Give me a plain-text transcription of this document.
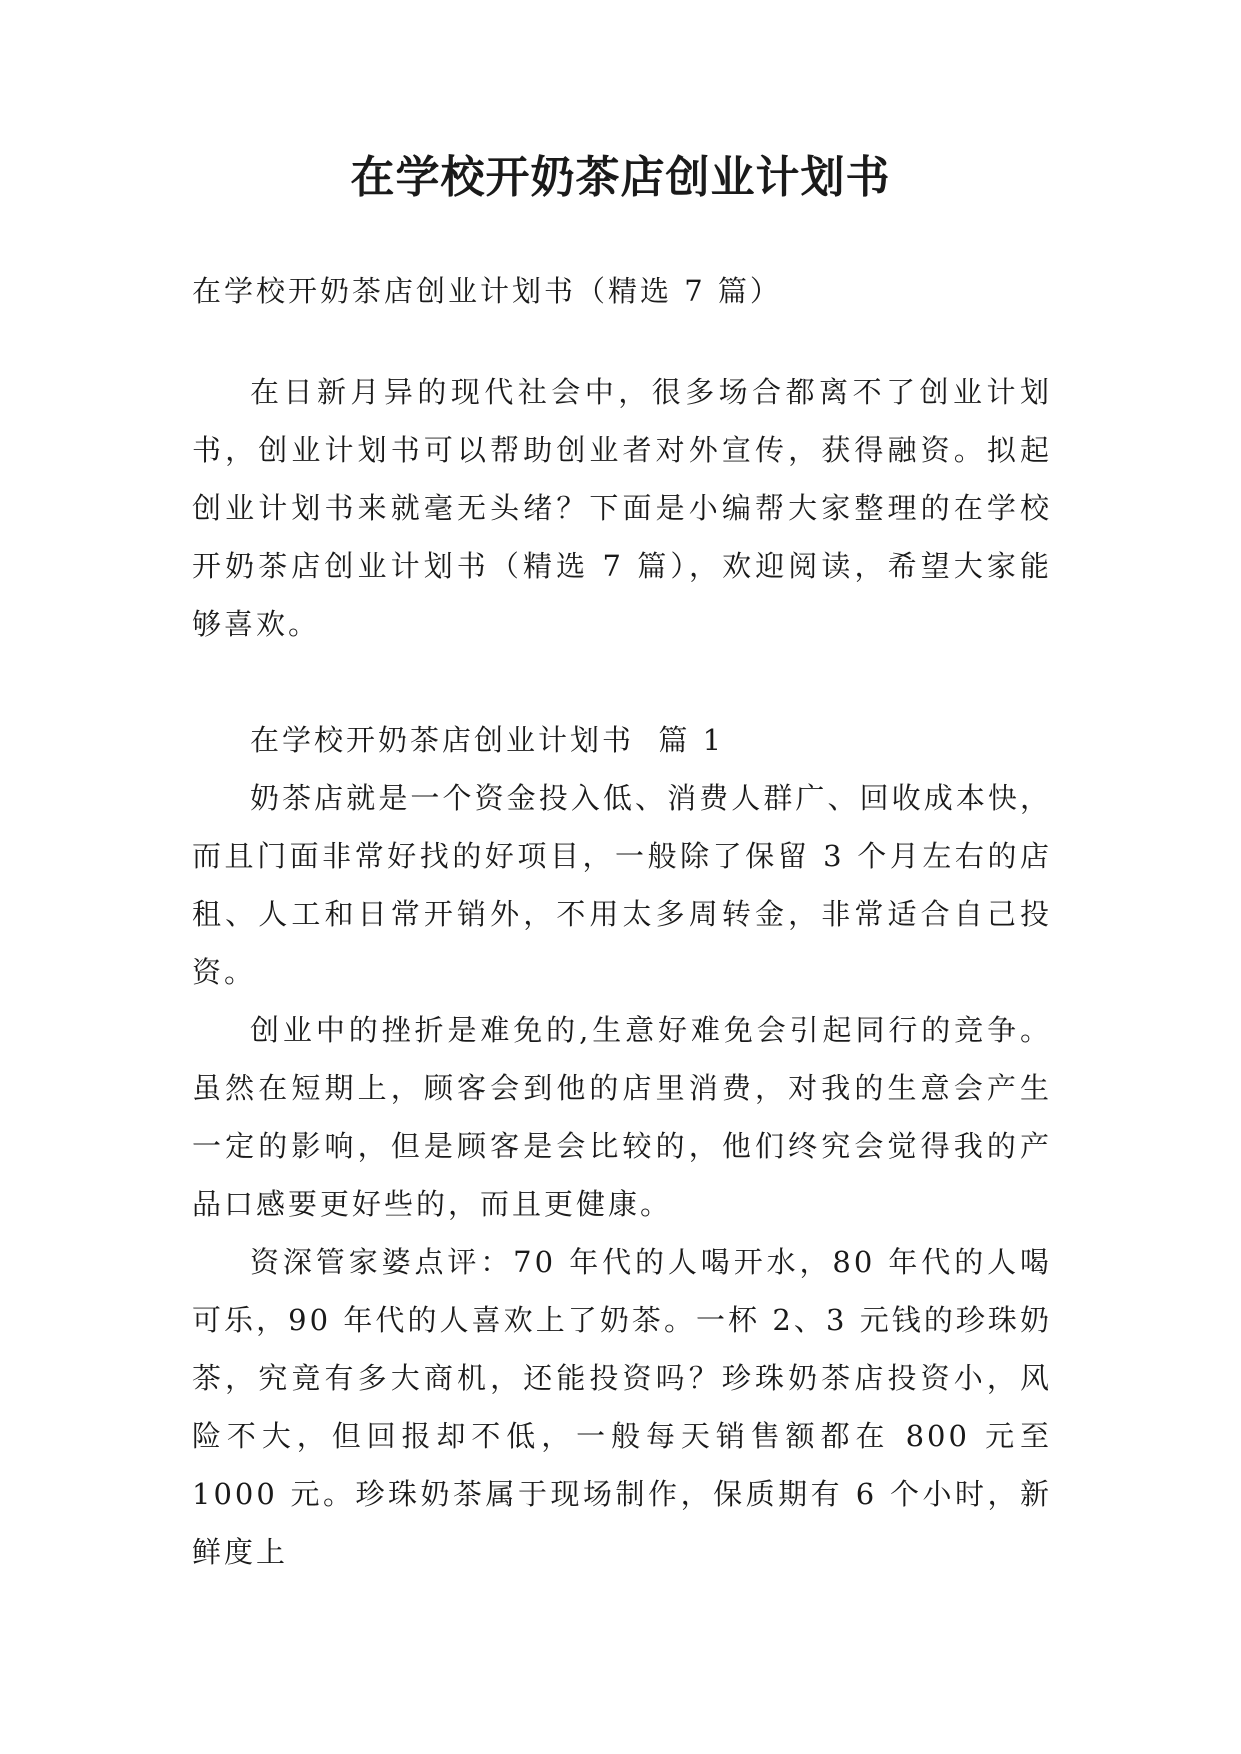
在学校开奶茶店创业计划书

在学校开奶茶店创业计划书（精选 7 篇）

在日新月异的现代社会中，很多场合都离不了创业计划书，创业计划书可以帮助创业者对外宣传，获得融资。拟起创业计划书来就毫无头绪？下面是小编帮大家整理的在学校开奶茶店创业计划书（精选 7 篇），欢迎阅读，希望大家能够喜欢。

在学校开奶茶店创业计划书  篇 1

奶茶店就是一个资金投入低、消费人群广、回收成本快，而且门面非常好找的好项目，一般除了保留 3 个月左右的店租、人工和日常开销外，不用太多周转金，非常适合自己投资。

创业中的挫折是难免的,生意好难免会引起同行的竞争。虽然在短期上，顾客会到他的店里消费，对我的生意会产生一定的影响，但是顾客是会比较的，他们终究会觉得我的产品口感要更好些的，而且更健康。

资深管家婆点评：70 年代的人喝开水，80 年代的人喝可乐，90 年代的人喜欢上了奶茶。一杯 2、3 元钱的珍珠奶茶，究竟有多大商机，还能投资吗？珍珠奶茶店投资小，风险不大，但回报却不低，一般每天销售额都在 800 元至 1000 元。珍珠奶茶属于现场制作，保质期有 6 个小时，新鲜度上
